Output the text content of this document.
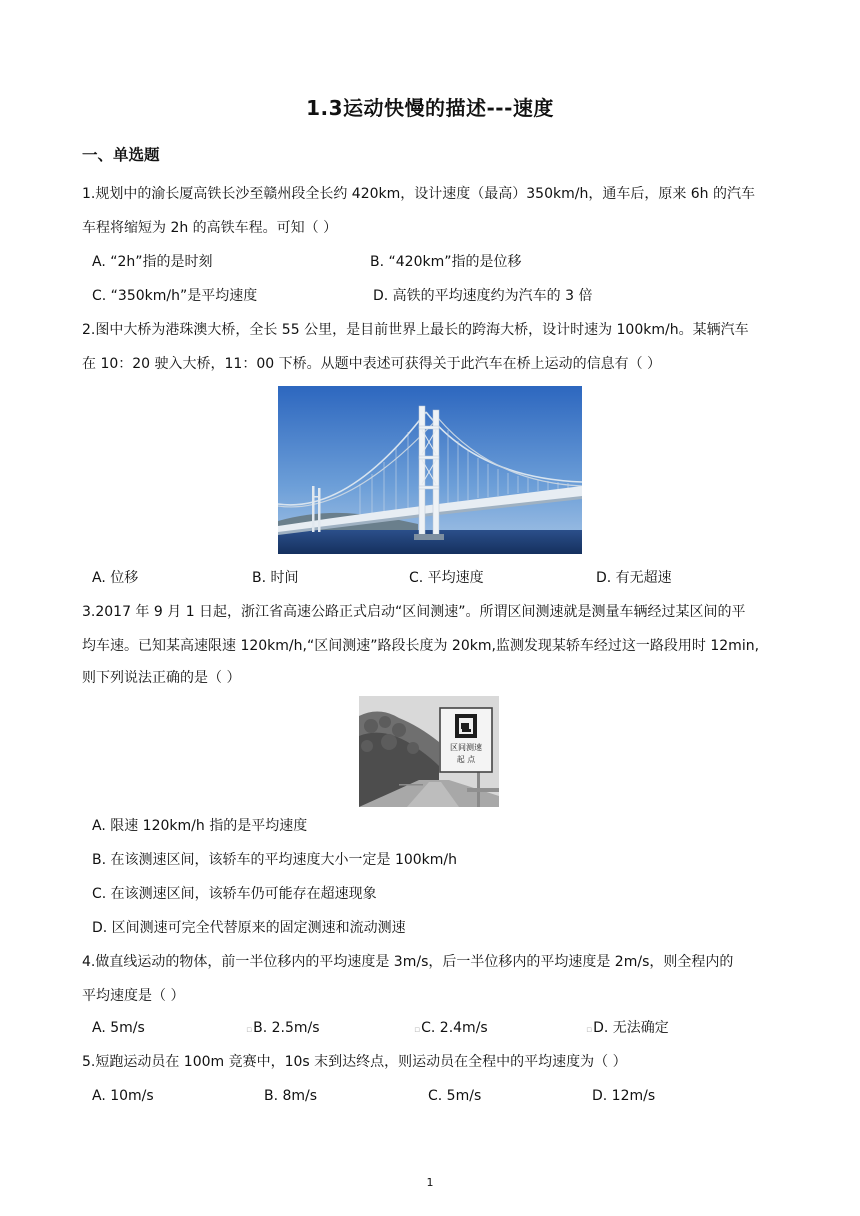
1.3运动快慢的描述---速度
一、单选题
1.规划中的渝长厦高铁长沙至赣州段全长约 420km，设计速度（最高）350km/h，通车后，原来 6h 的汽车
车程将缩短为 2h 的高铁车程。可知（ ）
A. “2h”指的是时刻	B. “420km”指的是位移
C. “350km/h”是平均速度	D. 高铁的平均速度约为汽车的 3 倍
2.图中大桥为港珠澳大桥，全长 55 公里，是目前世界上最长的跨海大桥，设计时速为 100km/h。某辆汽车
在 10：20 驶入大桥，11：00 下桥。从题中表述可获得关于此汽车在桥上运动的信息有（ ）
A. 位移	B. 时间	C. 平均速度	D. 有无超速
3.2017 年 9 月 1 日起，浙江省高速公路正式启动“区间测速”。所谓区间测速就是测量车辆经过某区间的平
均车速。已知某高速限速 120km/h,“区间测速”路段长度为 20km,监测发现某轿车经过这一路段用时 12min,
则下列说法正确的是（ ）
区间测速
起 点
A. 限速 120km/h 指的是平均速度
B. 在该测速区间，该轿车的平均速度大小一定是 100km/h
C. 在该测速区间，该轿车仍可能存在超速现象
D. 区间测速可完全代替原来的固定测速和流动测速
4.做直线运动的物体，前一半位移内的平均速度是 3m/s，后一半位移内的平均速度是 2m/s，则全程内的
平均速度是（ ）
A. 5m/s	▫B. 2.5m/s	▫C. 2.4m/s	▫D. 无法确定
5.短跑运动员在 100m 竞赛中，10s 末到达终点，则运动员在全程中的平均速度为（ ）
A. 10m/s	B. 8m/s	C. 5m/s	D. 12m/s
1
